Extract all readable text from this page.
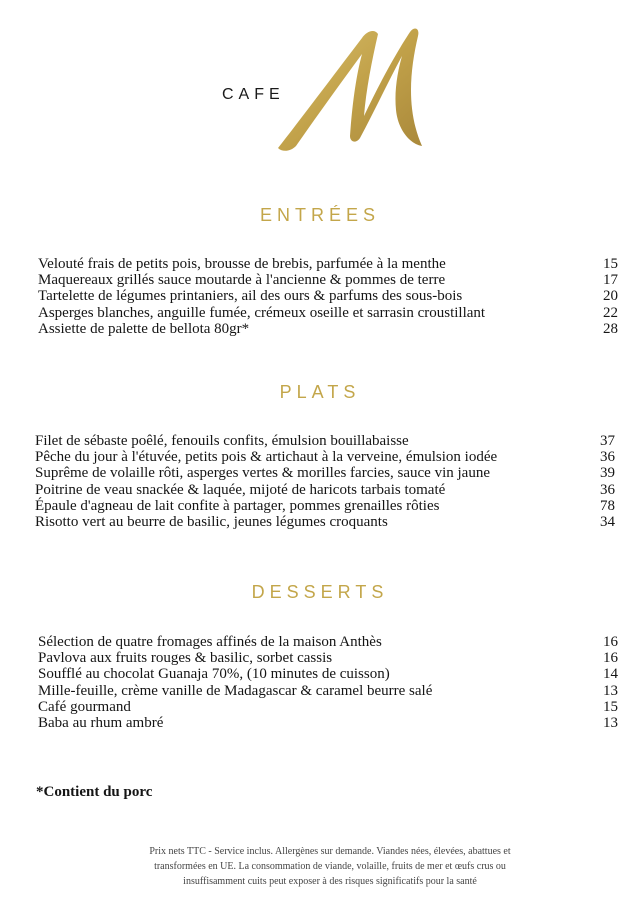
CAFE
ENTRÉES
Velouté frais de petits pois, brousse de brebis, parfumée à la menthe	15
Maquereaux grillés sauce moutarde à l'ancienne & pommes de terre	17
Tartelette de légumes printaniers, ail des ours & parfums des sous-bois	20
Asperges blanches, anguille fumée, crémeux oseille et sarrasin croustillant	22
Assiette de palette de bellota 80gr*	28
PLATS
Filet de sébaste poêlé, fenouils confits, émulsion bouillabaisse	37
Pêche du jour à l'étuvée, petits pois & artichaut à la verveine, émulsion iodée	36
Suprême de volaille rôti, asperges vertes & morilles farcies, sauce vin jaune	39
Poitrine de veau snackée & laquée, mijoté de haricots tarbais tomaté	36
Épaule d'agneau de lait confite à partager, pommes grenailles rôties	78
Risotto vert au beurre de basilic, jeunes légumes croquants	34
DESSERTS
Sélection de quatre fromages affinés de la maison Anthès	16
Pavlova aux fruits rouges & basilic, sorbet cassis	16
Soufflé au chocolat Guanaja 70%, (10 minutes de cuisson)	14
Mille-feuille, crème vanille de Madagascar & caramel beurre salé	13
Café gourmand	15
Baba au rhum ambré	13
*Contient du porc
Prix nets TTC - Service inclus. Allergènes sur demande. Viandes nées, élevées, abattues et
transformées en UE. La consommation de viande, volaille, fruits de mer et œufs crus ou
insuffisamment cuits peut exposer à des risques significatifs pour la santé
